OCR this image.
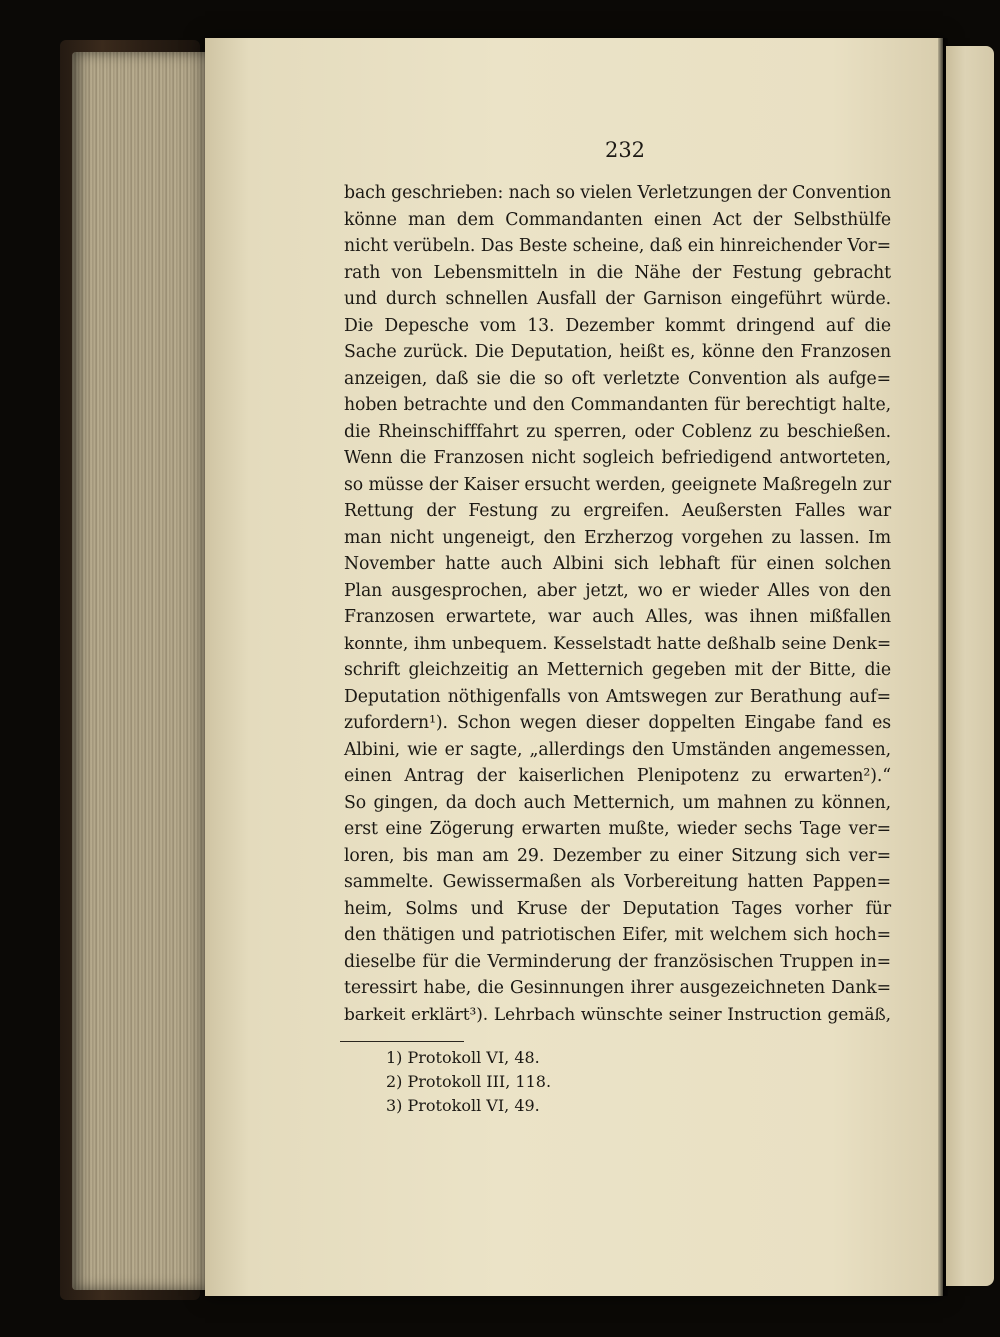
232
bach geschrieben: nach so vielen Verletzungen der Convention
könne man dem Commandanten einen Act der Selbsthülfe
nicht verübeln. Das Beste scheine, daß ein hinreichender Vor=
rath von Lebensmitteln in die Nähe der Festung gebracht
und durch schnellen Ausfall der Garnison eingeführt würde.
Die Depesche vom 13. Dezember kommt dringend auf die
Sache zurück. Die Deputation, heißt es, könne den Franzosen
anzeigen, daß sie die so oft verletzte Convention als aufge=
hoben betrachte und den Commandanten für berechtigt halte,
die Rheinschifffahrt zu sperren, oder Coblenz zu beschießen.
Wenn die Franzosen nicht sogleich befriedigend antworteten,
so müsse der Kaiser ersucht werden, geeignete Maßregeln zur
Rettung der Festung zu ergreifen. Aeußersten Falles war
man nicht ungeneigt, den Erzherzog vorgehen zu lassen. Im
November hatte auch Albini sich lebhaft für einen solchen
Plan ausgesprochen, aber jetzt, wo er wieder Alles von den
Franzosen erwartete, war auch Alles, was ihnen mißfallen
konnte, ihm unbequem. Kesselstadt hatte deßhalb seine Denk=
schrift gleichzeitig an Metternich gegeben mit der Bitte, die
Deputation nöthigenfalls von Amtswegen zur Berathung auf=
zufordern¹). Schon wegen dieser doppelten Eingabe fand es
Albini, wie er sagte, „allerdings den Umständen angemessen,
einen Antrag der kaiserlichen Plenipotenz zu erwarten²).“
So gingen, da doch auch Metternich, um mahnen zu können,
erst eine Zögerung erwarten mußte, wieder sechs Tage ver=
loren, bis man am 29. Dezember zu einer Sitzung sich ver=
sammelte. Gewissermaßen als Vorbereitung hatten Pappen=
heim, Solms und Kruse der Deputation Tages vorher für
den thätigen und patriotischen Eifer, mit welchem sich hoch=
dieselbe für die Verminderung der französischen Truppen in=
teressirt habe, die Gesinnungen ihrer ausgezeichneten Dank=
barkeit erklärt³). Lehrbach wünschte seiner Instruction gemäß,
1) Protokoll VI, 48.
2) Protokoll III, 118.
3) Protokoll VI, 49.
